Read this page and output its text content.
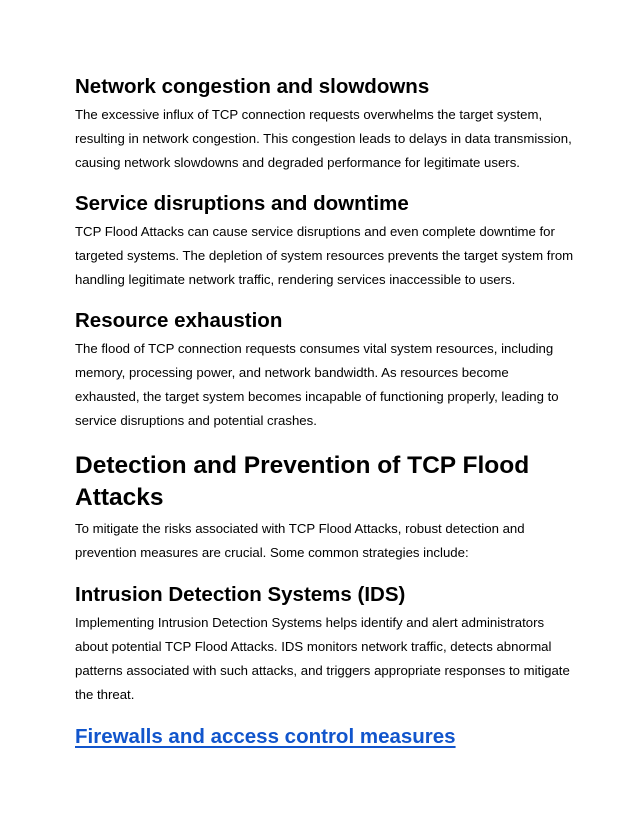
Network congestion and slowdowns

The excessive influx of TCP connection requests overwhelms the target system, resulting in network congestion. This congestion leads to delays in data transmission, causing network slowdowns and degraded performance for legitimate users.

Service disruptions and downtime

TCP Flood Attacks can cause service disruptions and even complete downtime for targeted systems. The depletion of system resources prevents the target system from handling legitimate network traffic, rendering services inaccessible to users.

Resource exhaustion

The flood of TCP connection requests consumes vital system resources, including memory, processing power, and network bandwidth. As resources become exhausted, the target system becomes incapable of functioning properly, leading to service disruptions and potential crashes.

Detection and Prevention of TCP Flood Attacks

To mitigate the risks associated with TCP Flood Attacks, robust detection and prevention measures are crucial. Some common strategies include:

Intrusion Detection Systems (IDS)

Implementing Intrusion Detection Systems helps identify and alert administrators about potential TCP Flood Attacks. IDS monitors network traffic, detects abnormal patterns associated with such attacks, and triggers appropriate responses to mitigate the threat.

Firewalls and access control measures
